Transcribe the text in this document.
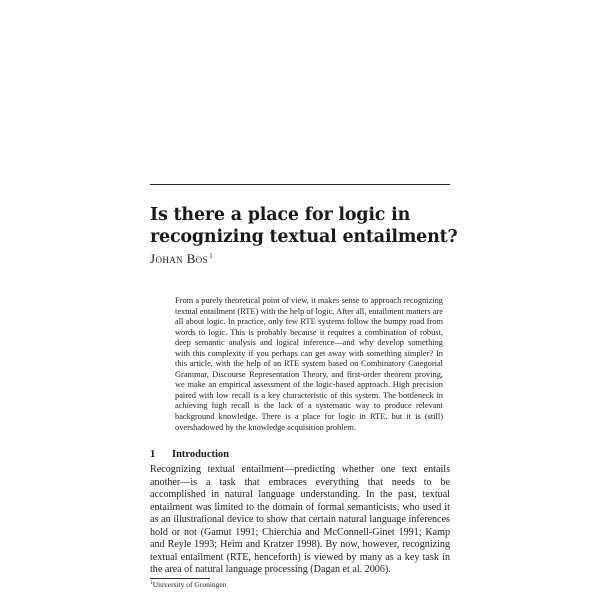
Is there a place for logic in recognizing textual entailment?
Johan Bos$^1$

From a purely theoretical point of view, it makes sense to approach recognizing textual entailment (RTE) with the help of logic. After all, entailment matters are all about logic. In practice, only few RTE systems follow the bumpy road from words to logic. This is probably because it requires a combination of robust, deep semantic analysis and logical inference—and why develop something with this complexity if you perhaps can get away with something simpler? In this article, with the help of an RTE system based on Combinatory Categorial Grammar, Discourse Representation Theory, and first-order theorem proving, we make an empirical assessment of the logic-based approach. High precision paired with low recall is a key characteristic of this system. The bottleneck in achieving high recall is the lack of a systematic way to produce relevant background knowledge. There is a place for logic in RTE, but it is (still) overshadowed by the knowledge acquisition problem.

1 Introduction

Recognizing textual entailment—predicting whether one text entails another—is a task that embraces everything that needs to be accomplished in natural language understanding. In the past, textual entailment was limited to the domain of formal semanticists, who used it as an illustrational device to show that certain natural language inferences hold or not (Gamut 1991; Chierchia and McConnell-Ginet 1991; Kamp and Reyle 1993; Heim and Kratzer 1998). By now, however, recognizing textual entailment (RTE, henceforth) is viewed by many as a key task in the area of natural language processing (Dagan et al. 2006).

$^1$University of Groningen
